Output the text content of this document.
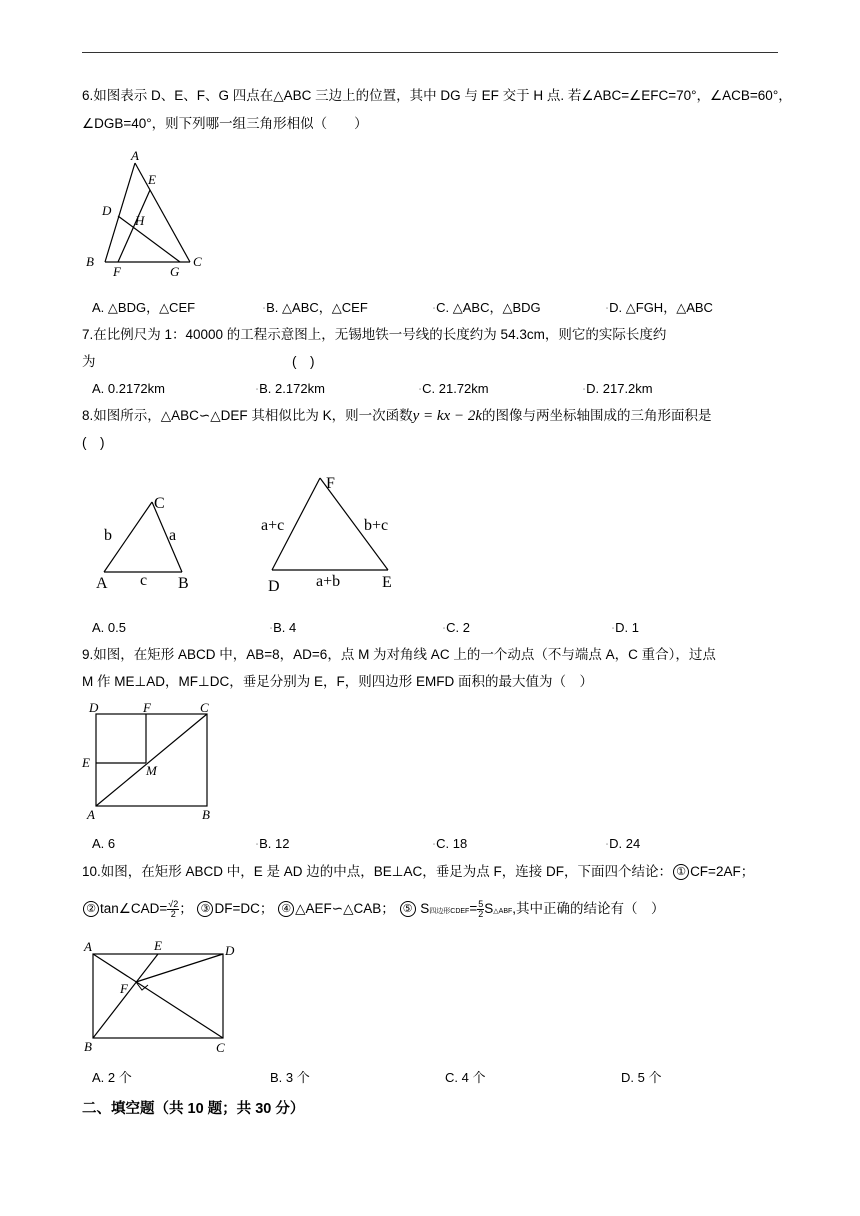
6.如图表示 D、E、F、G 四点在△ABC 三边上的位置，其中 DG 与 EF 交于 H 点. 若∠ABC=∠EFC=70°，∠ACB=60°，
∠DGB=40°，则下列哪一组三角形相似（　　）
A
E
D
H
B
F	G
C
A. △BDG，△CEF	▫B. △ABC，△CEF	▫C. △ABC，△BDG	▫D. △FGH，△ABC
7.在比例尺为 1：40000 的工程示意图上，无锡地铁一号线的长度约为 54.3cm，则它的实际长度约
为	(　)
A. 0.2172km	▫B. 2.172km	▫C. 21.72km	▫D. 217.2km
8.如图所示，△ABC∽△DEF 其相似比为 K，则一次函数y = kx − 2k的图像与两坐标轴围成的三角形面积是
(　)
C
b	a
A c B
F
a+c	b+c
D a+b	E
A. 0.5	▫B. 4	▫C. 2	▫D. 1
9.如图，在矩形 ABCD 中，AB=8，AD=6，点 M 为对角线 AC 上的一个动点（不与端点 A，C 重合），过点
M 作 ME⊥AD，MF⊥DC，垂足分别为 E，F，则四边形 EMFD 面积的最大值为（　）
D	F	C
E
M
A	B
A. 6	▫B. 12	▫C. 18	▫D. 24
10.如图，在矩形 ABCD 中，E 是 AD 边的中点，BE⊥AC，垂足为点 F，连接 DF，下面四个结论： ① CF=2AF；
② tan∠CAD= $\frac{√2}{2}$ ； ③ DF=DC； ④ △AEF∽△CAB； ⑤ S四边形CDEF= $\frac{5}{2}$ S△ABF,其中正确的结论有（　）
A	E	D
F
B	C
A. 2 个	B. 3 个	C. 4 个	D. 5 个
二、填空题（共 10 题；共 30 分）
